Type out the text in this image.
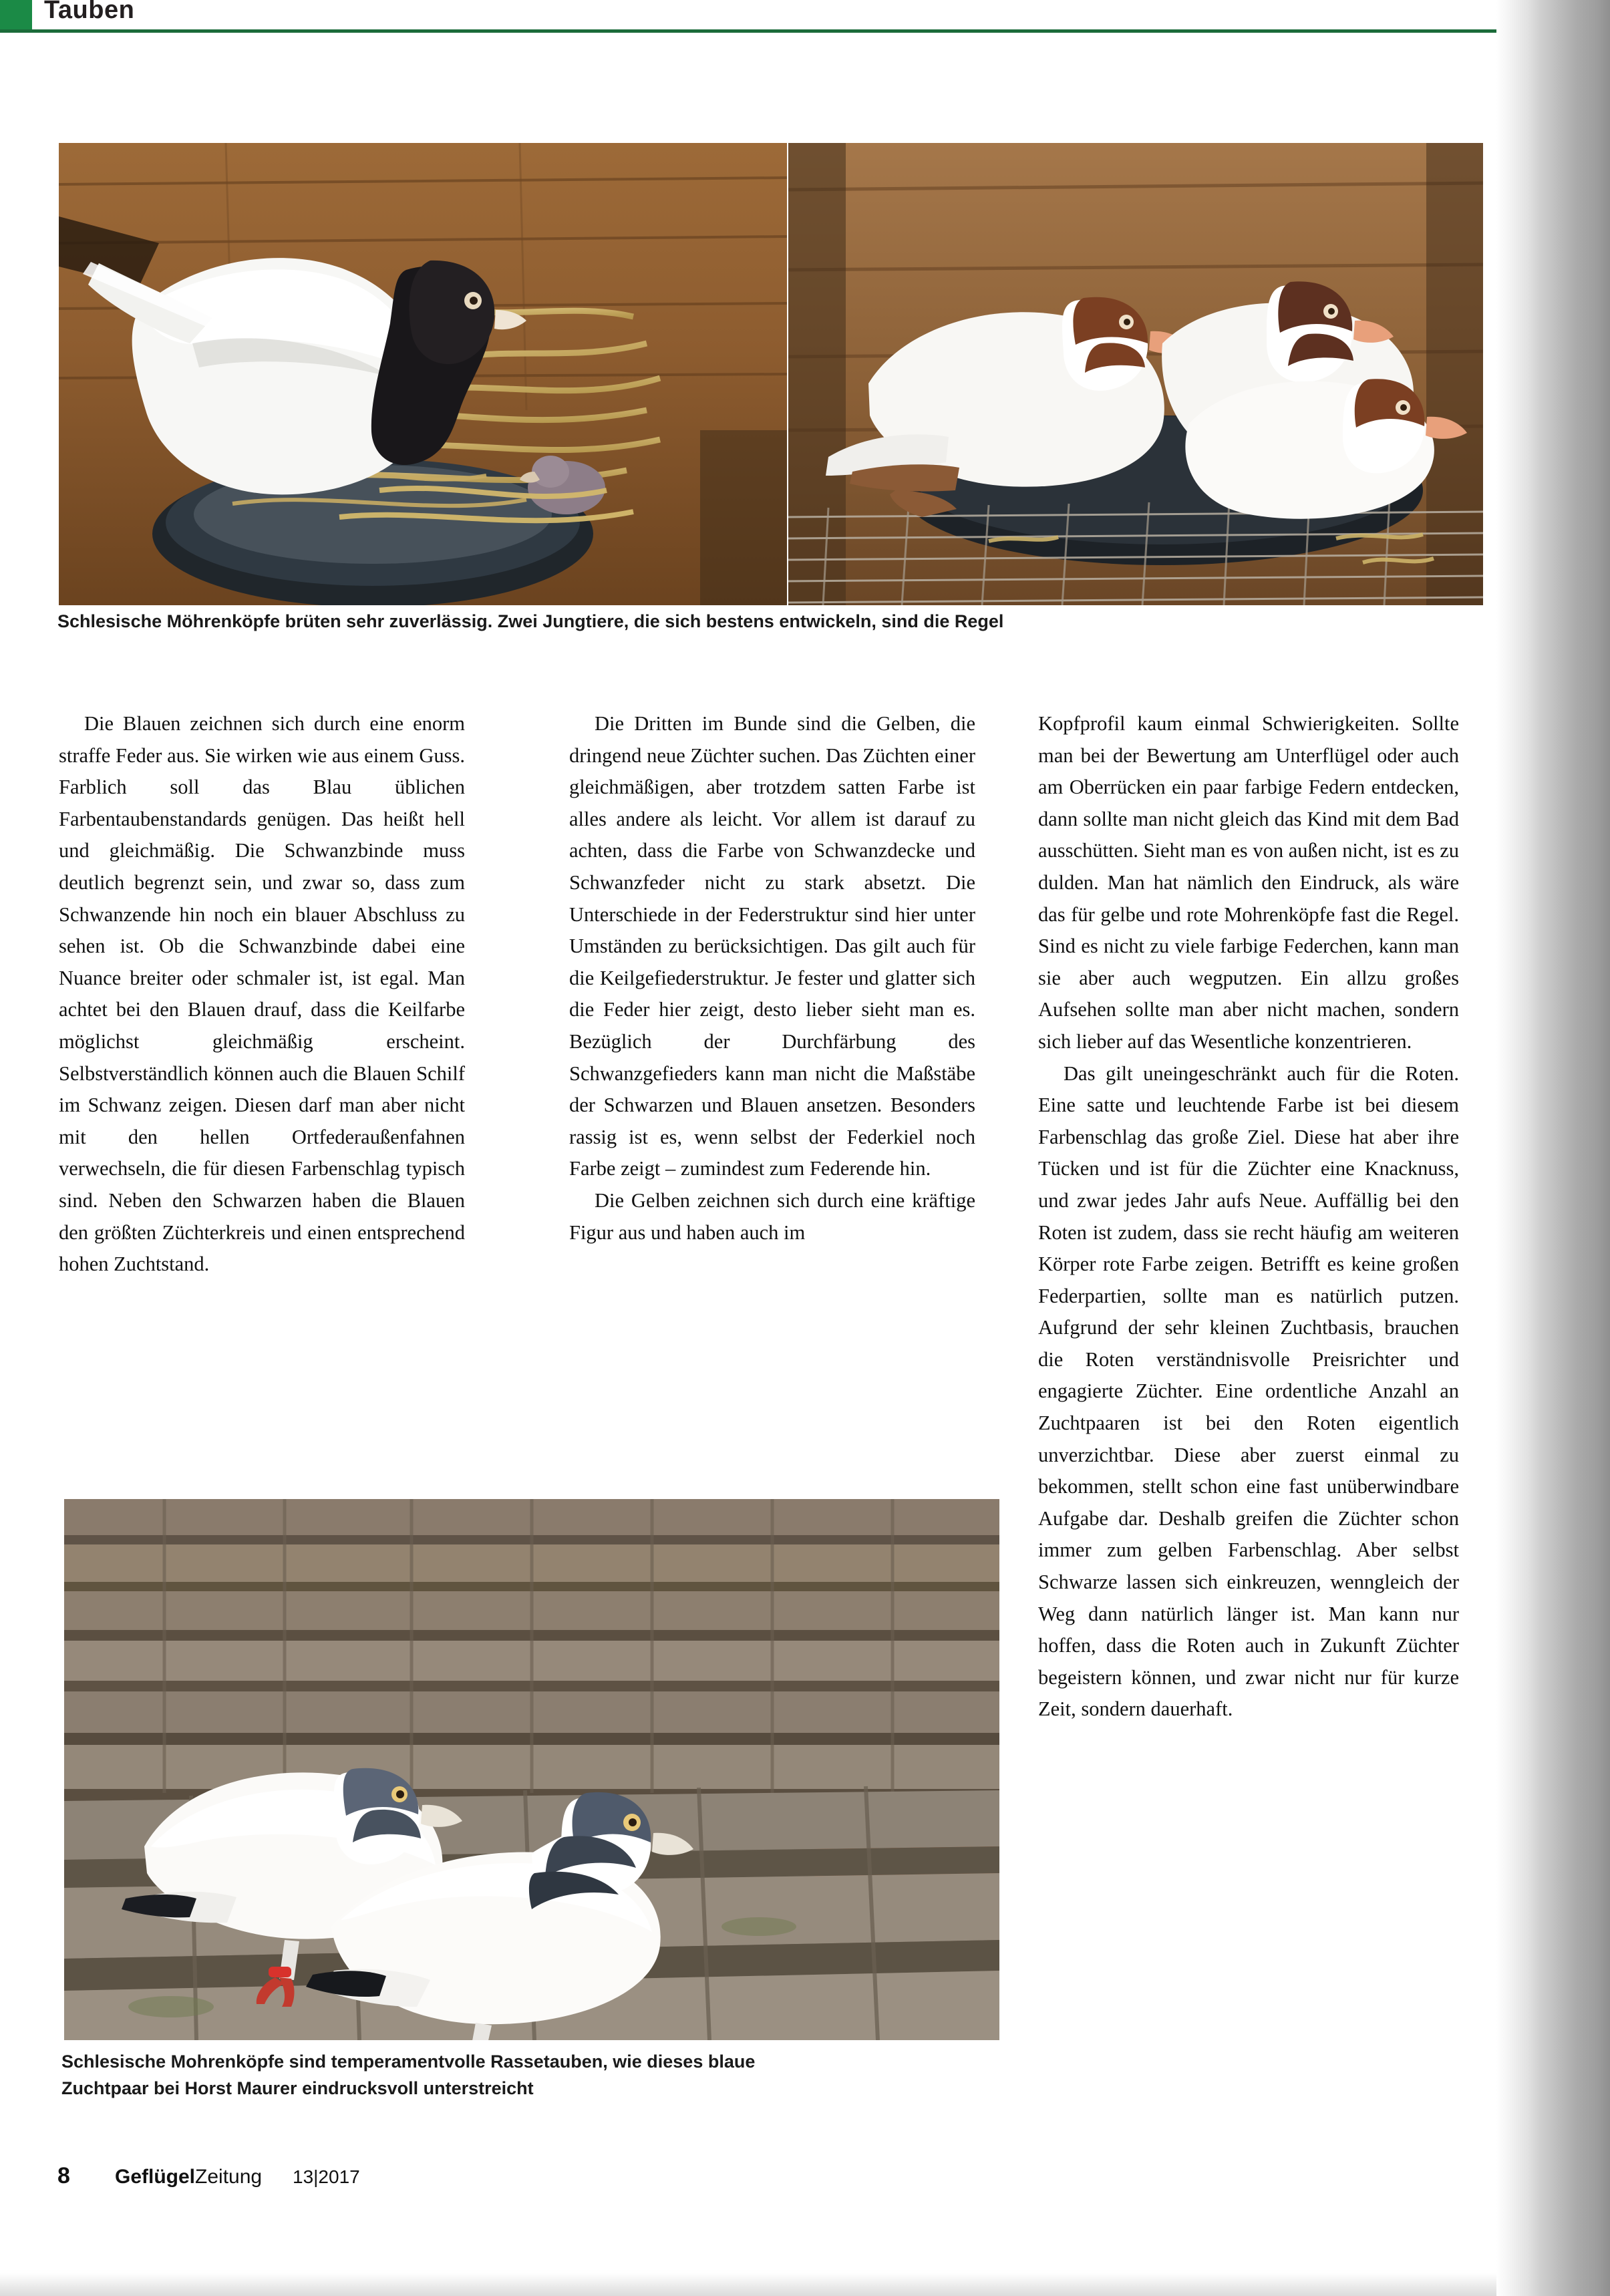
Tauben
Schlesische Möhrenköpfe brüten sehr zuverlässig. Zwei Jungtiere, die sich bestens entwickeln, sind die Regel

Die Blauen zeichnen sich durch eine enorm straffe Feder aus. Sie wirken wie aus einem Guss. Farblich soll das Blau üblichen Farbentaubenstandards genügen. Das heißt hell und gleichmäßig. Die Schwanzbinde muss deutlich begrenzt sein, und zwar so, dass zum Schwanzende hin noch ein blauer Abschluss zu sehen ist. Ob die Schwanzbinde dabei eine Nuance breiter oder schmaler ist, ist egal. Man achtet bei den Blauen drauf, dass die Keilfarbe möglichst gleichmäßig erscheint. Selbstverständlich können auch die Blauen Schilf im Schwanz zeigen. Diesen darf man aber nicht mit den hellen Ortfederaußenfahnen verwechseln, die für diesen Farbenschlag typisch sind. Neben den Schwarzen haben die Blauen den größten Züchterkreis und einen entsprechend hohen Zuchtstand.

Die Dritten im Bunde sind die Gelben, die dringend neue Züchter suchen. Das Züchten einer gleichmäßigen, aber trotzdem satten Farbe ist alles andere als leicht. Vor allem ist darauf zu achten, dass die Farbe von Schwanzdecke und Schwanzfeder nicht zu stark absetzt. Die Unterschiede in der Federstruktur sind hier unter Umständen zu berücksichtigen. Das gilt auch für die Keilgefiederstruktur. Je fester und glatter sich die Feder hier zeigt, desto lieber sieht man es. Bezüglich der Durchfärbung des Schwanzgefieders kann man nicht die Maßstäbe der Schwarzen und Blauen ansetzen. Besonders rassig ist es, wenn selbst der Federkiel noch Farbe zeigt – zumindest zum Federende hin.

Die Gelben zeichnen sich durch eine kräftige Figur aus und haben auch im

Kopfprofil kaum einmal Schwierigkeiten. Sollte man bei der Bewertung am Unterflügel oder auch am Oberrücken ein paar farbige Federn entdecken, dann sollte man nicht gleich das Kind mit dem Bad ausschütten. Sieht man es von außen nicht, ist es zu dulden. Man hat nämlich den Eindruck, als wäre das für gelbe und rote Mohrenköpfe fast die Regel. Sind es nicht zu viele farbige Federchen, kann man sie aber auch wegputzen. Ein allzu großes Aufsehen sollte man aber nicht machen, sondern sich lieber auf das Wesentliche konzentrieren.

Das gilt uneingeschränkt auch für die Roten. Eine satte und leuchtende Farbe ist bei diesem Farbenschlag das große Ziel. Diese hat aber ihre Tücken und ist für die Züchter eine Knacknuss, und zwar jedes Jahr aufs Neue. Auffällig bei den Roten ist zudem, dass sie recht häufig am weiteren Körper rote Farbe zeigen. Betrifft es keine großen Federpartien, sollte man es natürlich putzen. Aufgrund der sehr kleinen Zuchtbasis, brauchen die Roten verständnisvolle Preisrichter und engagierte Züchter. Eine ordentliche Anzahl an Zuchtpaaren ist bei den Roten eigentlich unverzichtbar. Diese aber zuerst einmal zu bekommen, stellt schon eine fast unüberwindbare Aufgabe dar. Deshalb greifen die Züchter schon immer zum gelben Farbenschlag. Aber selbst Schwarze lassen sich einkreuzen, wenngleich der Weg dann natürlich länger ist. Man kann nur hoffen, dass die Roten auch in Zukunft Züchter begeistern können, und zwar nicht nur für kurze Zeit, sondern dauerhaft.

Schlesische Mohrenköpfe sind temperamentvolle Rassetauben, wie dieses blaue
Zuchtpaar bei Horst Maurer eindrucksvoll unterstreicht
8 GeflügelZeitung 13|2017
